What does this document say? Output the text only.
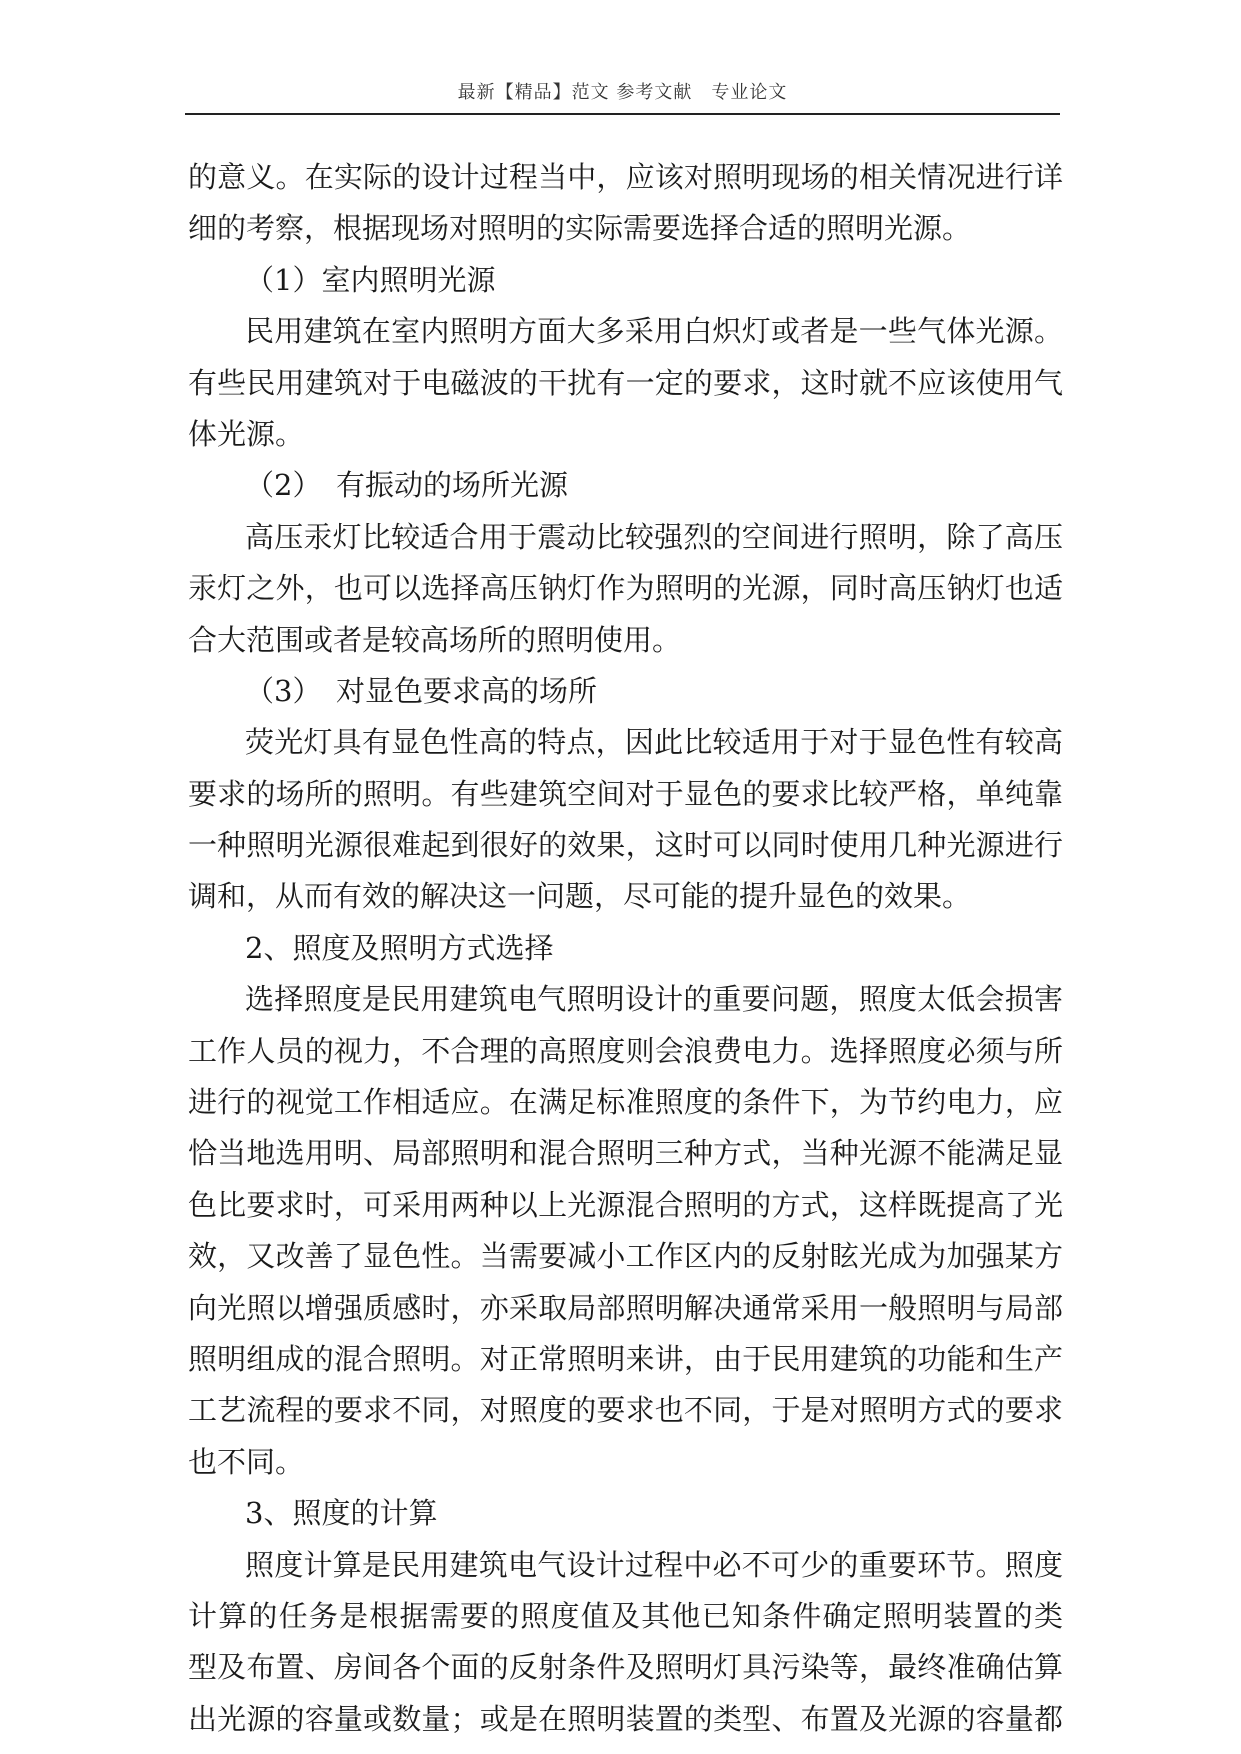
最新【精品】范文 参考文献　专业论文
的意义。在实际的设计过程当中，应该对照明现场的相关情况进行详
细的考察，根据现场对照明的实际需要选择合适的照明光源。
（1）室内照明光源
民用建筑在室内照明方面大多采用白炽灯或者是一些气体光源。
有些民用建筑对于电磁波的干扰有一定的要求，这时就不应该使用气
体光源。
（2）　有振动的场所光源
高压汞灯比较适合用于震动比较强烈的空间进行照明，除了高压
汞灯之外，也可以选择高压钠灯作为照明的光源，同时高压钠灯也适
合大范围或者是较高场所的照明使用。
（3）　对显色要求高的场所
荧光灯具有显色性高的特点，因此比较适用于对于显色性有较高
要求的场所的照明。有些建筑空间对于显色的要求比较严格，单纯靠
一种照明光源很难起到很好的效果，这时可以同时使用几种光源进行
调和，从而有效的解决这一问题，尽可能的提升显色的效果。
2、照度及照明方式选择
选择照度是民用建筑电气照明设计的重要问题，照度太低会损害
工作人员的视力，不合理的高照度则会浪费电力。选择照度必须与所
进行的视觉工作相适应。在满足标准照度的条件下，为节约电力，应
恰当地选用明、局部照明和混合照明三种方式，当种光源不能满足显
色比要求时，可采用两种以上光源混合照明的方式，这样既提高了光
效，又改善了显色性。当需要减小工作区内的反射眩光成为加强某方
向光照以增强质感时，亦采取局部照明解决通常采用一般照明与局部
照明组成的混合照明。对正常照明来讲，由于民用建筑的功能和生产
工艺流程的要求不同，对照度的要求也不同，于是对照明方式的要求
也不同。
3、照度的计算
照度计算是民用建筑电气设计过程中必不可少的重要环节。照度
计算的任务是根据需要的照度值及其他已知条件确定照明装置的类
型及布置、房间各个面的反射条件及照明灯具污染等，最终准确估算
出光源的容量或数量；或是在照明装置的类型、布置及光源的容量都
